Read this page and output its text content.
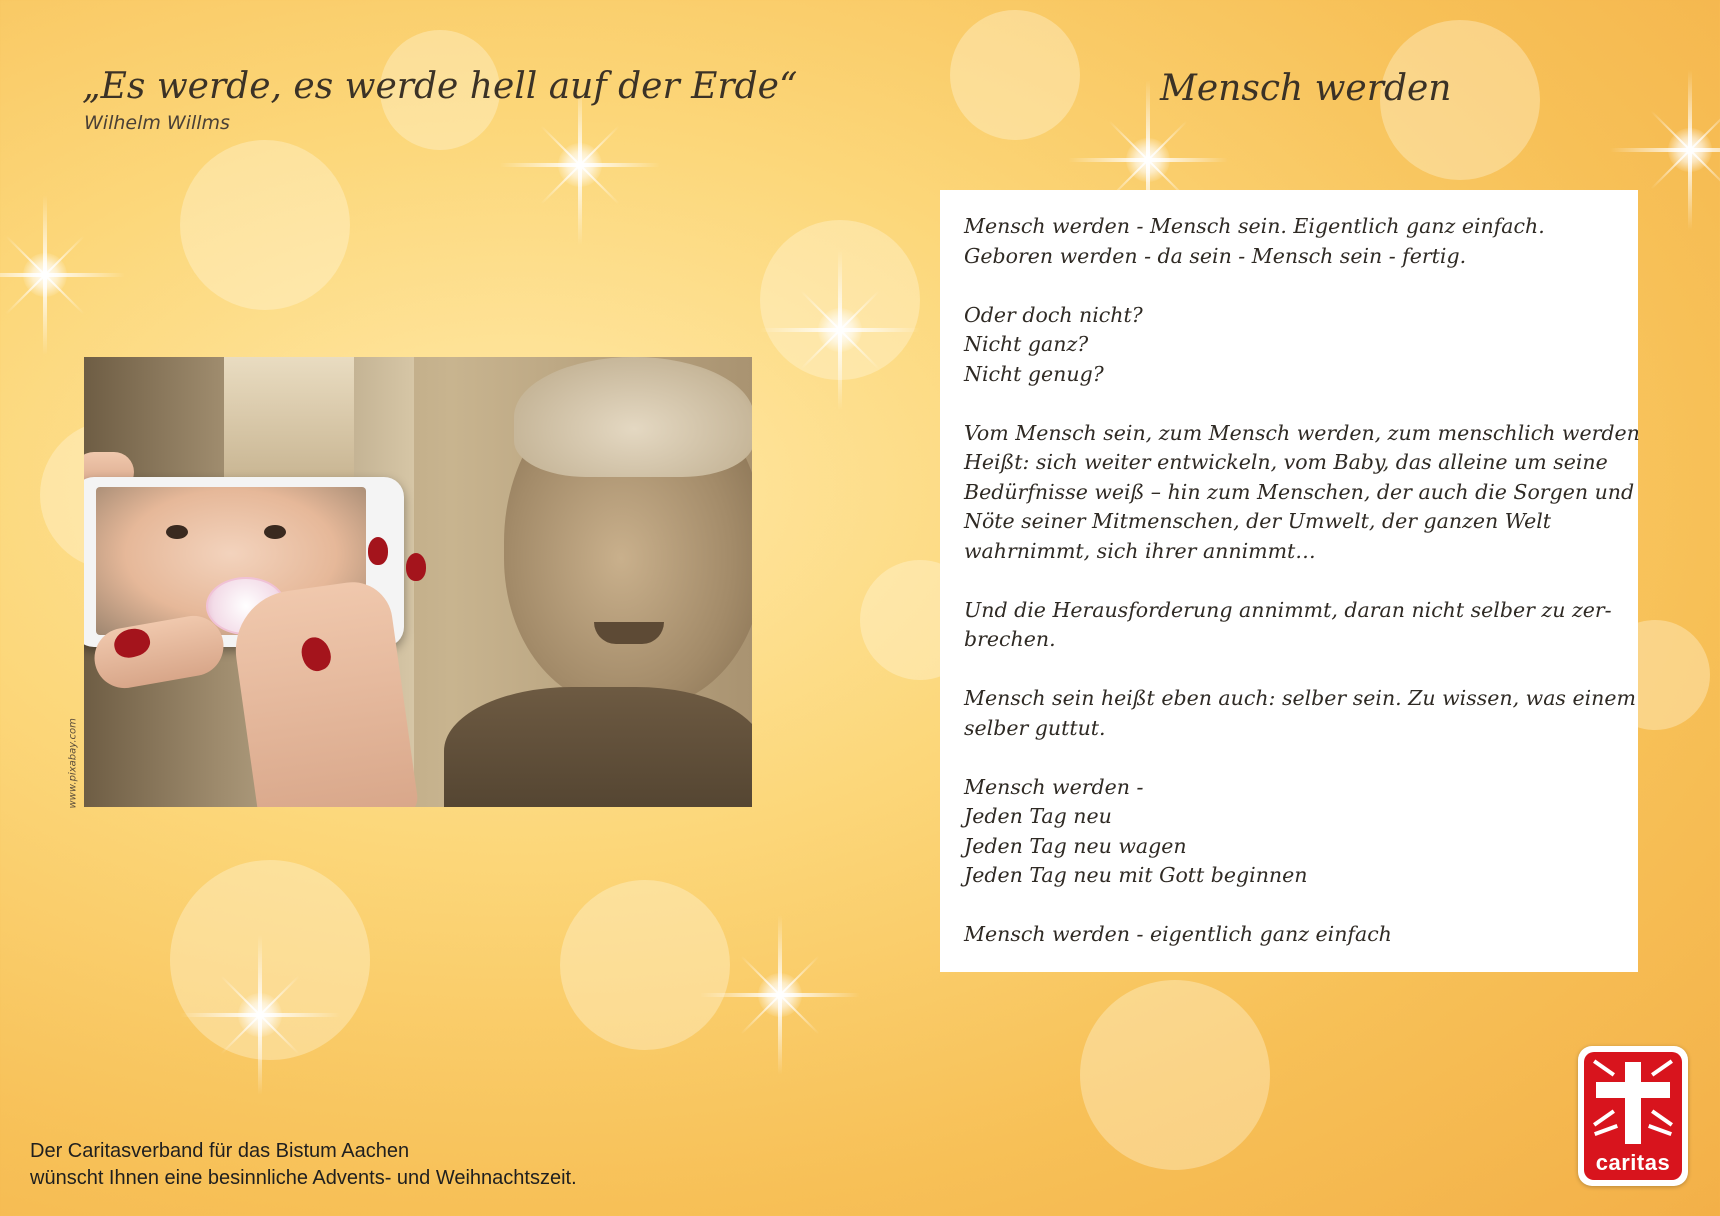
„Es werde, es werde hell auf der Erde“
Wilhelm Willms
www.pixabay.com
Mensch werden

Mensch werden - Mensch sein. Eigentlich ganz einfach.
Geboren werden - da sein - Mensch sein - fertig.

Oder doch nicht?
Nicht ganz?
Nicht genug?

Vom Mensch sein, zum Mensch werden, zum menschlich werden
Heißt: sich weiter entwickeln, vom Baby, das alleine um seine
Bedürfnisse weiß – hin zum Menschen, der auch die Sorgen und
Nöte seiner Mitmenschen, der Umwelt, der ganzen Welt
wahrnimmt, sich ihrer annimmt…

Und die Herausforderung annimmt, daran nicht selber zu zer-
brechen.

Mensch sein heißt eben auch: selber sein. Zu wissen, was einem
selber guttut.

Mensch werden -
Jeden Tag neu
Jeden Tag neu wagen
Jeden Tag neu mit Gott beginnen

Mensch werden - eigentlich ganz einfach

Der Caritasverband für das Bistum Aachen
wünscht Ihnen eine besinnliche Advents- und Weihnachtszeit.
caritas
